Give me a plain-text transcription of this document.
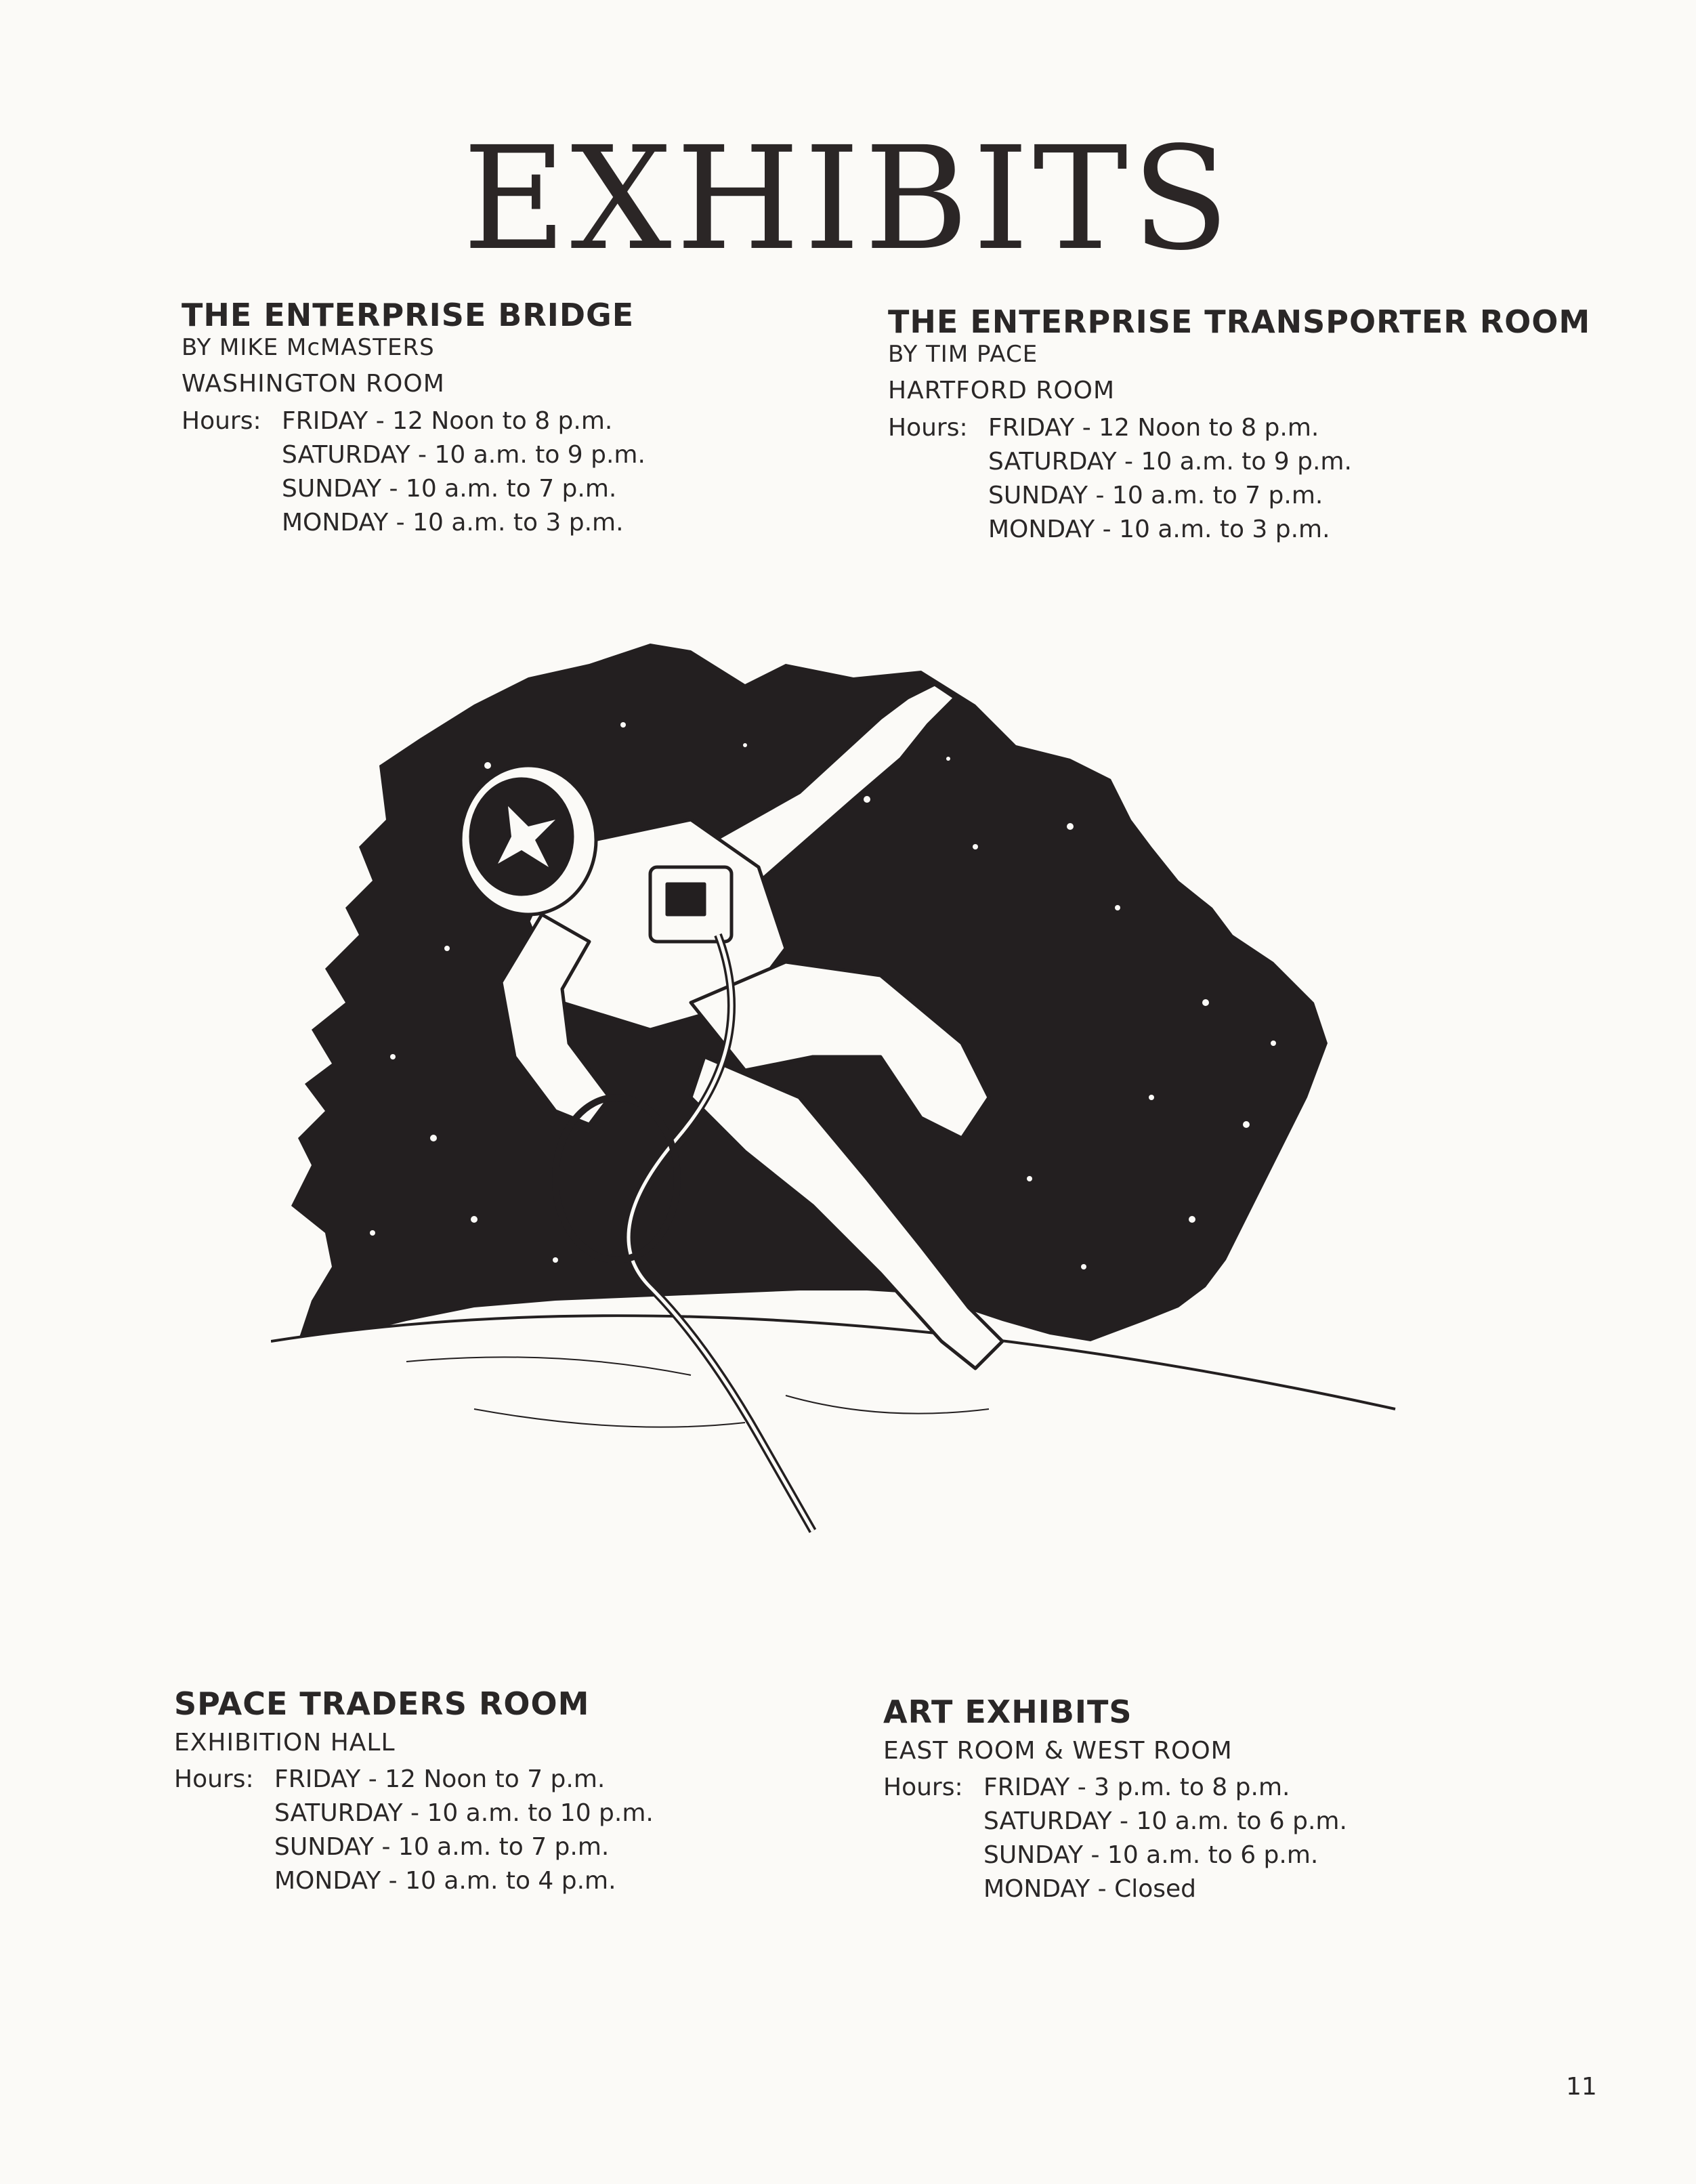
EXHIBITS
THE ENTERPRISE BRIDGE
BY MIKE McMASTERS
WASHINGTON ROOM
Hours: FRIDAY - 12 Noon to 8 p.m.
SATURDAY - 10 a.m. to 9 p.m.
SUNDAY - 10 a.m. to 7 p.m.
MONDAY - 10 a.m. to 3 p.m.
THE ENTERPRISE TRANSPORTER ROOM
BY TIM PACE
HARTFORD ROOM
Hours: FRIDAY - 12 Noon to 8 p.m.
SATURDAY - 10 a.m. to 9 p.m.
SUNDAY - 10 a.m. to 7 p.m.
MONDAY - 10 a.m. to 3 p.m.
SPACE TRADERS ROOM
EXHIBITION HALL
Hours: FRIDAY - 12 Noon to 7 p.m.
SATURDAY - 10 a.m. to 10 p.m.
SUNDAY - 10 a.m. to 7 p.m.
MONDAY - 10 a.m. to 4 p.m.
ART EXHIBITS
EAST ROOM & WEST ROOM
Hours: FRIDAY - 3 p.m. to 8 p.m.
SATURDAY - 10 a.m. to 6 p.m.
SUNDAY - 10 a.m. to 6 p.m.
MONDAY - Closed
11
